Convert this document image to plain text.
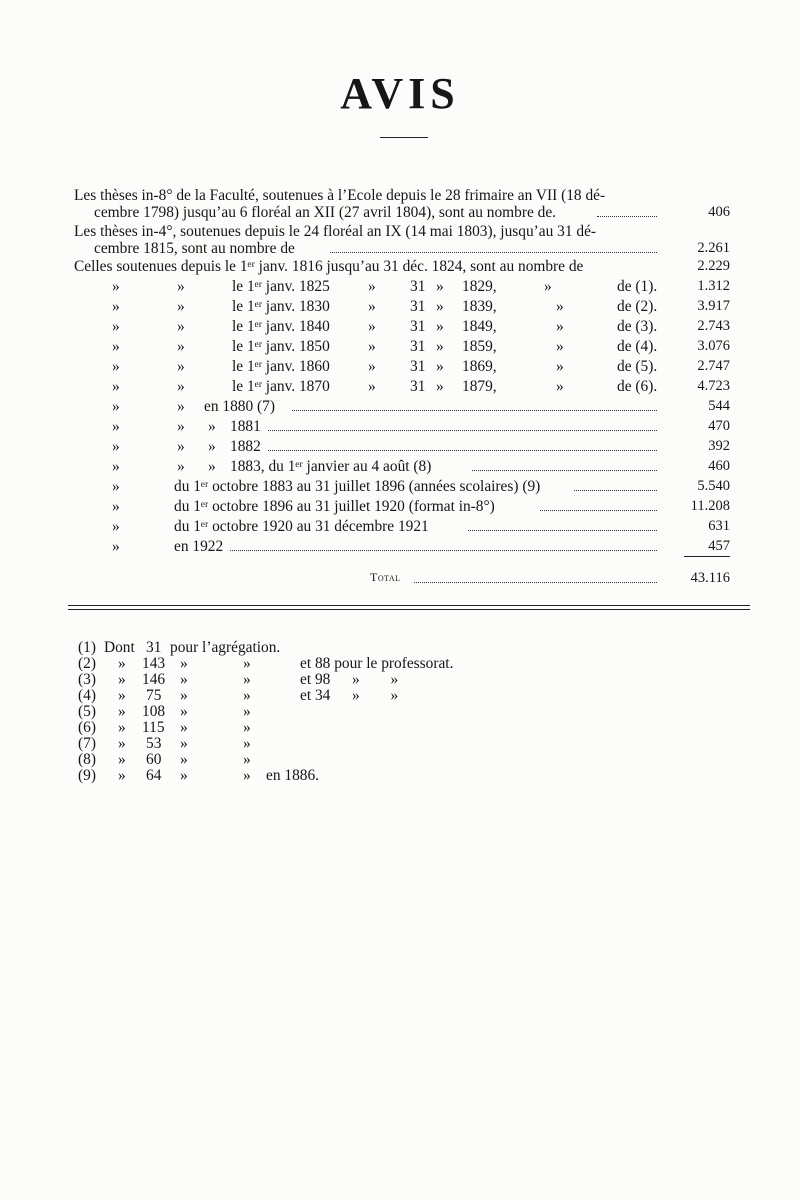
AVIS
Les thèses in-8° de la Faculté, soutenues à l’Ecole depuis le 28 frimaire an VII (18 dé-
cembre 1798) jusqu’au 6 floréal an XII (27 avril 1804), sont au nombre de.	406
Les thèses in-4°, soutenues depuis le 24 floréal an IX (14 mai 1803), jusqu’au 31 dé-
cembre 1815, sont au nombre de	2.261
Celles soutenues depuis le 1ᵉʳ janv. 1816 jusqu’au 31 déc. 1824, sont au nombre de	2.229
»	»	le 1ᵉʳ janv. 1825 » 31 » 1829,	»	de (1).	1.312
»	»	le 1ᵉʳ janv. 1830 » 31 » 1839,	»	de (2).	3.917
»	»	le 1ᵉʳ janv. 1840 » 31 » 1849,	»	de (3).	2.743
»	»	le 1ᵉʳ janv. 1850 » 31 » 1859,	»	de (4).	3.076
»	»	le 1ᵉʳ janv. 1860 » 31 » 1869,	»	de (5).	2.747
»	»	le 1ᵉʳ janv. 1870 » 31 » 1879,	»	de (6).	4.723
»	» en 1880 (7)	544
»	» » 1881	470
»	» » 1882	392
»	» » 1883, du 1ᵉʳ janvier au 4 août (8)	460
»	du 1ᵉʳ octobre 1883 au 31 juillet 1896 (années scolaires) (9)	5.540
»	du 1ᵉʳ octobre 1896 au 31 juillet 1920 (format in-8°)	11.208
»	du 1ᵉʳ octobre 1920 au 31 décembre 1921	631
»	en 1922	457
Total	43.116
(1) Dont 31 pour l’agrégation.
(2) » 143 »	»	et 88 pour le professorat.
(3) » 146 »	»	et 98 »        »
(4) » 75 »	»	et 34 »        »
(5) » 108 »	»
(6) » 115 »	»
(7) » 53 »	»
(8) » 60 »	»
(9) » 64 »	» en 1886.
